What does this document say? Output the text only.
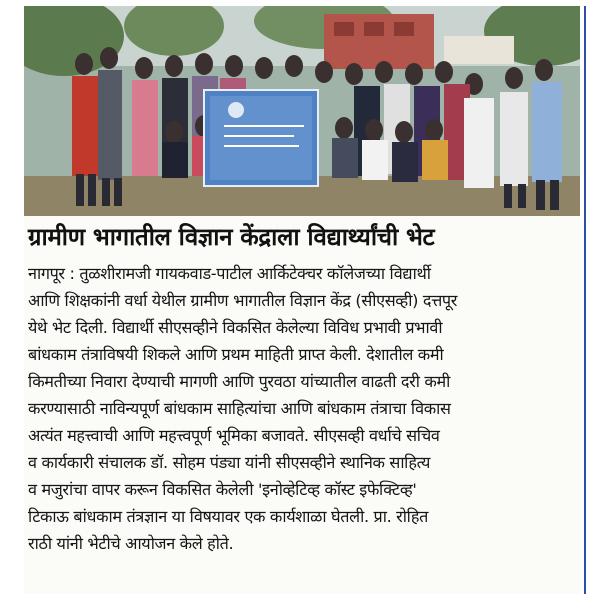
ग्रामीण भागातील विज्ञान केंद्राला विद्यार्थ्यांची भेट
नागपूर : तुळशीरामजी गायकवाड-पाटील आर्किटेक्चर कॉलेजच्या विद्यार्थी
आणि शिक्षकांनी वर्धा येथील ग्रामीण भागातील विज्ञान केंद्र (सीएसव्ही) दत्तपूर
येथे भेट दिली. विद्यार्थी सीएसव्हीने विकसित केलेल्या विविध प्रभावी प्रभावी
बांधकाम तंत्राविषयी शिकले आणि प्रथम माहिती प्राप्त केली. देशातील कमी
किमतीच्या निवारा देण्याची मागणी आणि पुरवठा यांच्यातील वाढती दरी कमी
करण्यासाठी नाविन्यपूर्ण बांधकाम साहित्यांचा आणि बांधकाम तंत्राचा विकास
अत्यंत महत्त्वाची आणि महत्त्वपूर्ण भूमिका बजावते. सीएसव्ही वर्धाचे सचिव
व कार्यकारी संचालक डॉ. सोहम पंड्या यांनी सीएसव्हीने स्थानिक साहित्य
व मजुरांचा वापर करून विकसित केलेली 'इनोव्हेटिव्ह कॉस्ट इफेक्टिव्ह'
टिकाऊ बांधकाम तंत्रज्ञान या विषयावर एक कार्यशाळा घेतली. प्रा. रोहित
राठी यांनी भेटीचे आयोजन केले होते.
